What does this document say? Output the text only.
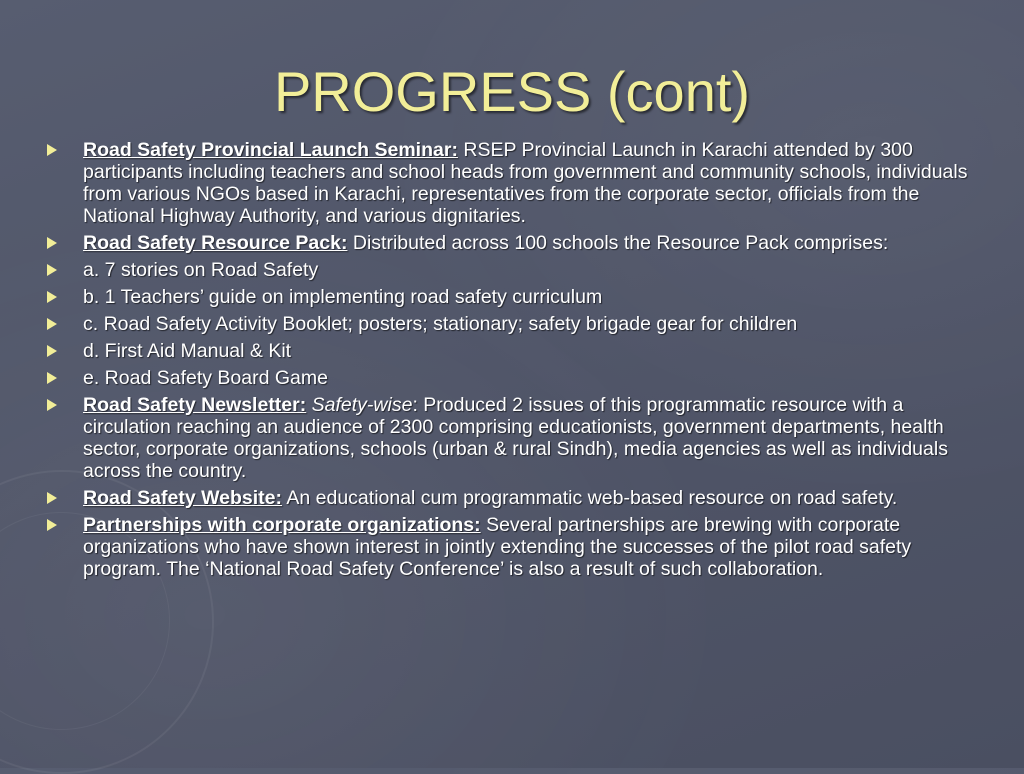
PROGRESS (cont)
Road Safety Provincial Launch Seminar: RSEP Provincial Launch in Karachi attended by 300 participants including teachers and school heads from government and community schools, individuals from various NGOs based in Karachi, representatives from the corporate sector, officials from the National Highway Authority, and various dignitaries.
Road Safety Resource Pack: Distributed across 100 schools the Resource Pack comprises:
a. 7 stories on Road Safety
b. 1 Teachers’ guide on implementing road safety curriculum
c. Road Safety Activity Booklet; posters; stationary; safety brigade gear for children
d. First Aid Manual & Kit
e. Road Safety Board Game
Road Safety Newsletter: Safety-wise: Produced 2 issues of this programmatic resource with a circulation reaching an audience of 2300 comprising educationists, government departments, health sector, corporate organizations, schools (urban & rural Sindh), media agencies as well as individuals across the country.
Road Safety Website: An educational cum programmatic web-based resource on road safety.
Partnerships with corporate organizations: Several partnerships are brewing with corporate organizations who have shown interest in jointly extending the successes of the pilot road safety program. The ‘National Road Safety Conference’ is also a result of such collaboration.
